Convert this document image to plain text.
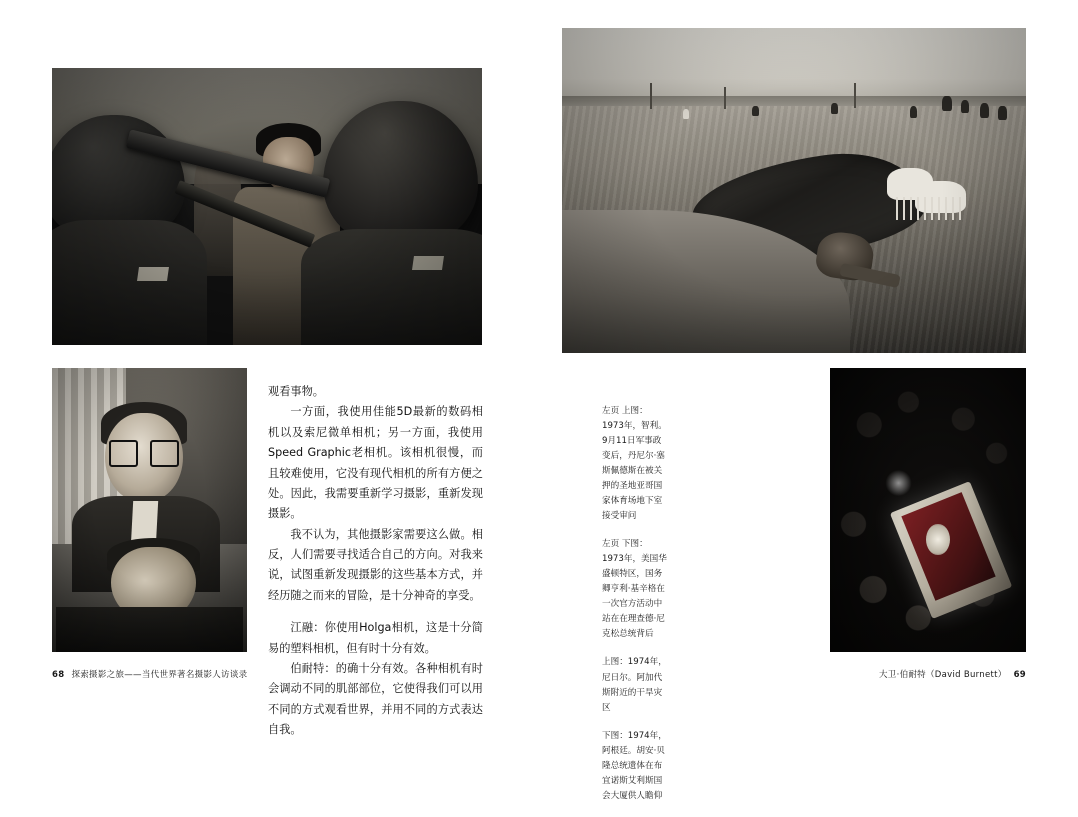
观看事物。

一方面，我使用佳能5D最新的数码相机以及索尼微单相机；另一方面，我使用Speed Graphic老相机。该相机很慢，而且较难使用，它没有现代相机的所有方便之处。因此，我需要重新学习摄影，重新发现摄影。

我不认为，其他摄影家需要这么做。相反，人们需要寻找适合自己的方向。对我来说，试图重新发现摄影的这些基本方式，并经历随之而来的冒险，是十分神奇的享受。

江融：你使用Holga相机，这是十分简易的塑料相机，但有时十分有效。

伯耐特：的确十分有效。各种相机有时会调动不同的肌部部位，它使得我们可以用不同的方式观看世界，并用不同的方式表达自我。

68 探索摄影之旅——当代世界著名摄影人访谈录

左页 上图：1973年，智利。9月11日军事政变后，丹尼尔·塞斯佩德斯在被关押的圣地亚哥国家体育场地下室接受审问

左页 下图：1973年，美国华盛顿特区，国务卿亨利·基辛格在一次官方活动中站在在理查德·尼克松总统背后

上图：1974年，尼日尔。阿加代斯附近的干旱灾区

下图：1974年，阿根廷。胡安·贝隆总统遗体在布宜诺斯艾利斯国会大厦供人瞻仰

大卫·伯耐特（David Burnett） 69
